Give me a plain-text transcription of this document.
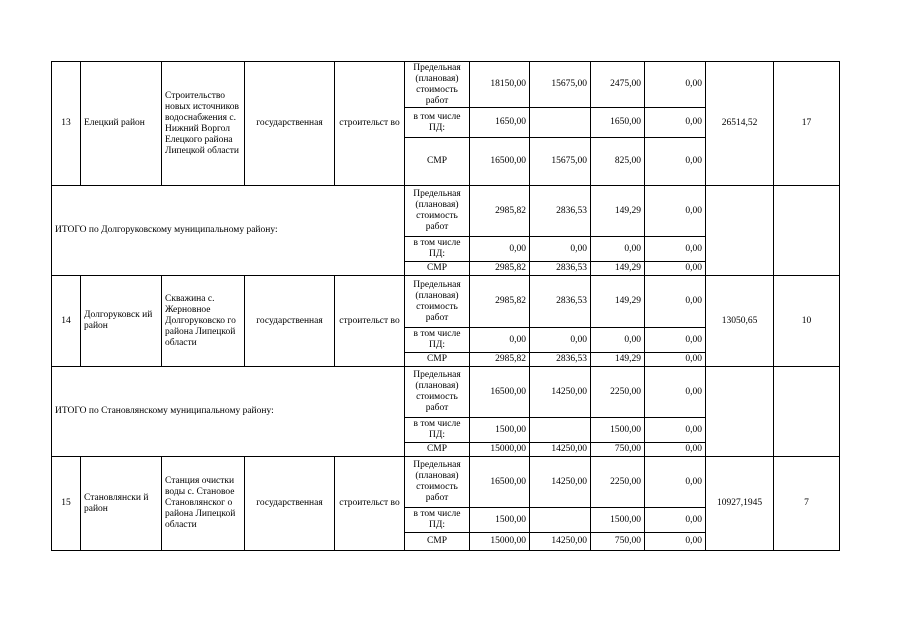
13	Елецкий район	Строительство новых источников водоснабжения с. Нижний Воргол Елецкого района Липецкой области	государственная	строительст во	Предельная (плановая) стоимость работ	18150,00	15675,00	2475,00	0,00	26514,52	17
					в том числе ПД:	1650,00		1650,00	0,00		
					СМР	16500,00	15675,00	825,00	0,00		
ИТОГО по Долгоруковскому муниципальному району:					Предельная (плановая) стоимость работ	2985,82	2836,53	149,29	0,00		
					в том числе ПД:	0,00	0,00	0,00	0,00		
					СМР	2985,82	2836,53	149,29	0,00		
14	Долгоруковск ий район	Скважина с. Жерновное Долгоруковско го района Липецкой области	государственная	строительст во	Предельная (плановая) стоимость работ	2985,82	2836,53	149,29	0,00	13050,65	10
					в том числе ПД:	0,00	0,00	0,00	0,00		
					СМР	2985,82	2836,53	149,29	0,00		
ИТОГО по Становлянскому муниципальному району:					Предельная (плановая) стоимость работ	16500,00	14250,00	2250,00	0,00		
					в том числе ПД:	1500,00		1500,00	0,00		
					СМР	15000,00	14250,00	750,00	0,00		
15	Становлянски й район	Станция очистки воды с. Становое Становлянског о района Липецкой области	государственная	строительст во	Предельная (плановая) стоимость работ	16500,00	14250,00	2250,00	0,00	10927,1945	7
					в том числе ПД:	1500,00		1500,00	0,00		
					СМР	15000,00	14250,00	750,00	0,00		
